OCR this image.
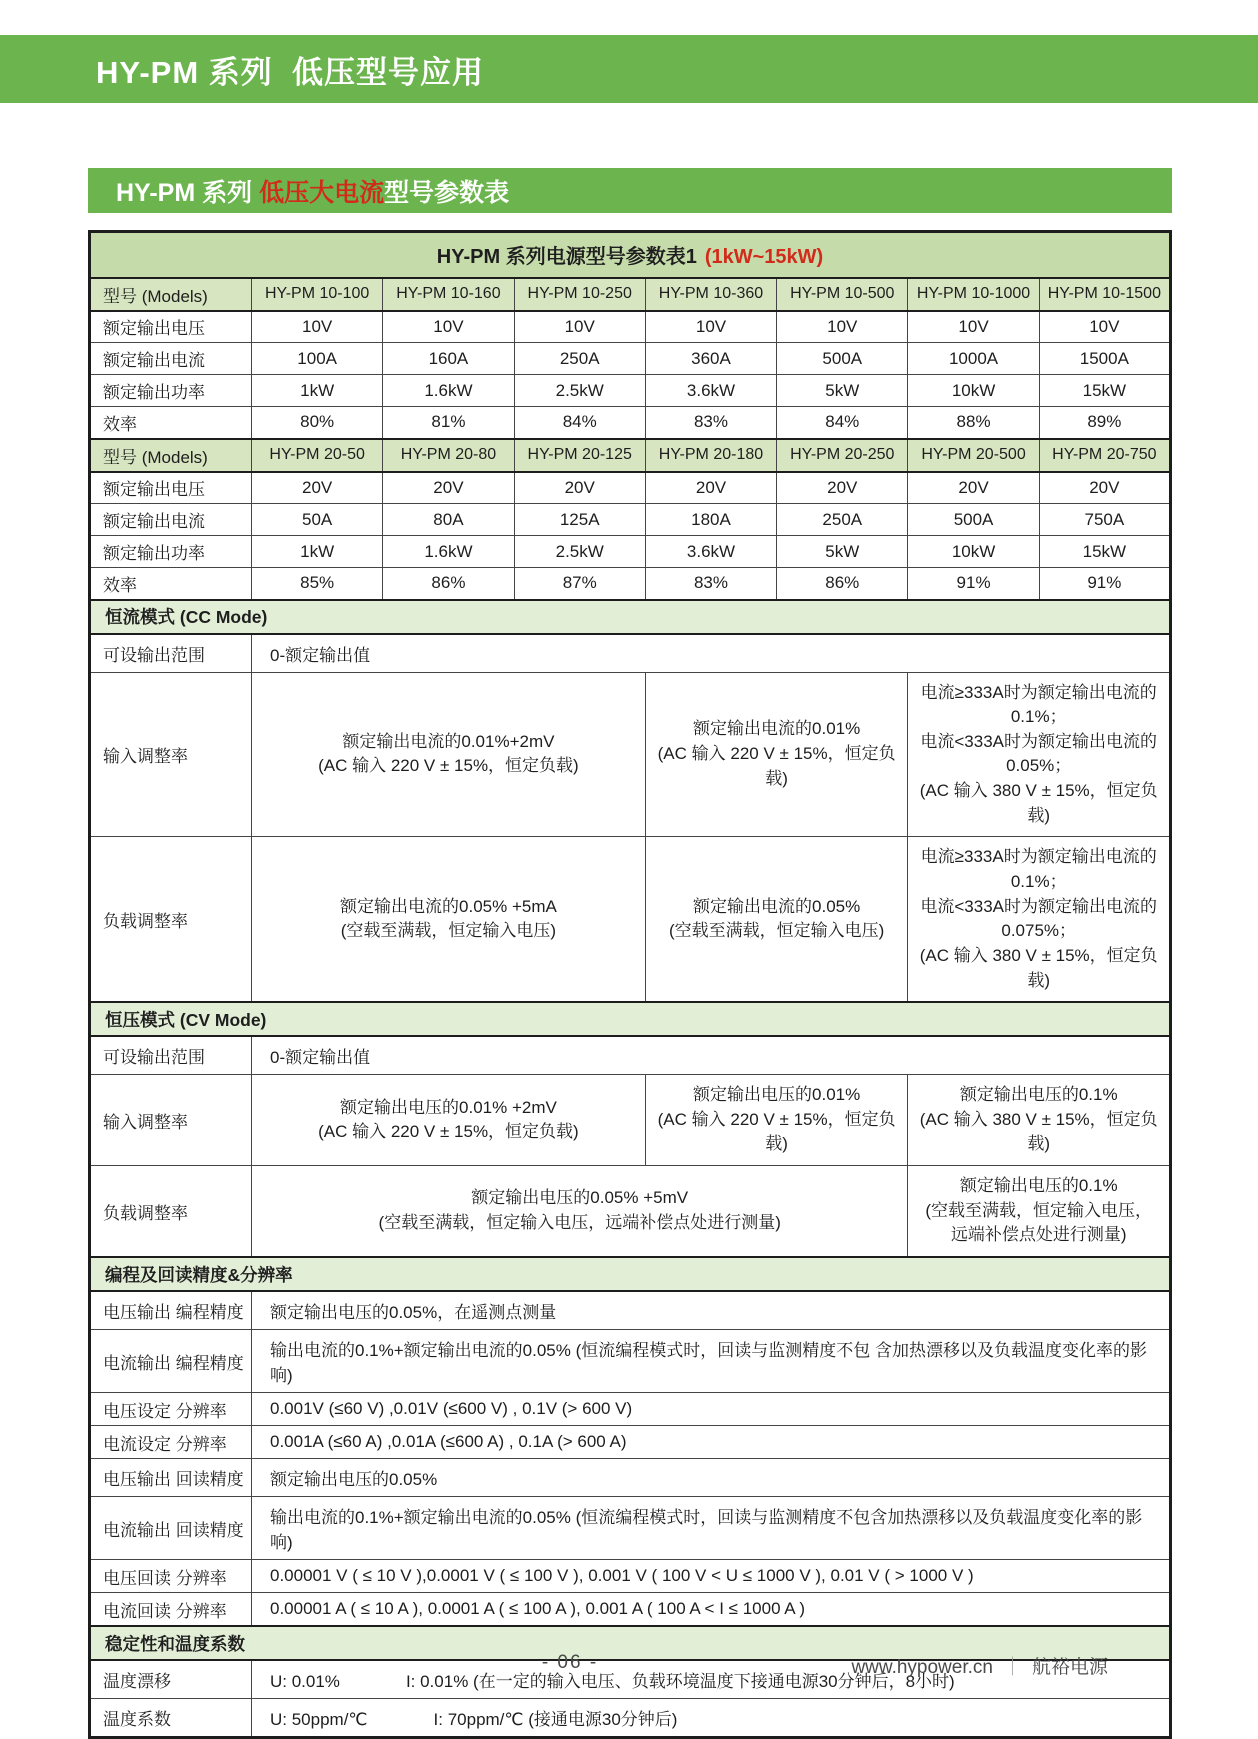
HY-PM 系列  低压型号应用
HY-PM 系列 低压大电流 型号参数表
HY-PM 系列电源型号参数表1 (1kW~15kW)							
型号 (Models)	HY-PM 10-100	HY-PM 10-160	HY-PM 10-250	HY-PM 10-360	HY-PM 10-500	HY-PM 10-1000	HY-PM 10-1500
额定输出电压	10V	10V	10V	10V	10V	10V	10V
额定输出电流	100A	160A	250A	360A	500A	1000A	1500A
额定输出功率	1kW	1.6kW	2.5kW	3.6kW	5kW	10kW	15kW
效率	80%	81%	84%	83%	84%	88%	89%
型号 (Models)	HY-PM 20-50	HY-PM 20-80	HY-PM 20-125	HY-PM 20-180	HY-PM 20-250	HY-PM 20-500	HY-PM 20-750
额定输出电压	20V	20V	20V	20V	20V	20V	20V
额定输出电流	50A	80A	125A	180A	250A	500A	750A
额定输出功率	1kW	1.6kW	2.5kW	3.6kW	5kW	10kW	15kW
效率	85%	86%	87%	83%	86%	91%	91%
恒流模式 (CC Mode)							
可设输出范围	0-额定输出值						
输入调整率	
额定输出电流的0.01%+2mV
(AC 输入 220 V ± 15%，恒定负载)

额定输出电流的0.01%
(AC 输入 220 V ± 15%，恒定负载)

电流≥333A时为额定输出电流的0.1%；
电流<333A时为额定输出电流的0.05%；
(AC 输入 380 V ± 15%，恒定负载)

负载调整率	
额定输出电流的0.05% +5mA
(空载至满载，恒定输入电压)

额定输出电流的0.05%
(空载至满载，恒定输入电压)

电流≥333A时为额定输出电流的0.1%；
电流<333A时为额定输出电流的0.075%；
(AC 输入 380 V ± 15%，恒定负载)

恒压模式 (CV Mode)							
可设输出范围	0-额定输出值						
输入调整率	
额定输出电压的0.01% +2mV
(AC 输入 220 V ± 15%，恒定负载)

额定输出电压的0.01%
(AC 输入 220 V ± 15%，恒定负载)

额定输出电压的0.1%
(AC 输入 380 V ± 15%，恒定负载)

负载调整率	
额定输出电压的0.05% +5mV
(空载至满载，恒定输入电压，远端补偿点处进行测量)

额定输出电压的0.1%
(空载至满载，恒定输入电压，
远端补偿点处进行测量)

编程及回读精度&分辨率							
电压输出 编程精度	额定输出电压的0.05%，在遥测点测量						
电流输出 编程精度	输出电流的0.1%+额定输出电流的0.05% (恒流编程模式时，回读与监测精度不包 含加热漂移以及负载温度变化率的影响)						
电压设定 分辨率	0.001V (≤60 V) ,0.01V (≤600 V) , 0.1V (> 600 V)						
电流设定 分辨率	0.001A (≤60 A) ,0.01A (≤600 A) , 0.1A (> 600 A)						
电压输出 回读精度	额定输出电压的0.05%						
电流输出 回读精度	输出电流的0.1%+额定输出电流的0.05% (恒流编程模式时，回读与监测精度不包含加热漂移以及负载温度变化率的影响)						
电压回读 分辨率	0.00001 V ( ≤ 10 V ),0.0001 V ( ≤ 100 V ), 0.001 V ( 100 V < U ≤ 1000 V ), 0.01 V ( > 1000 V )						
电流回读 分辨率	0.00001 A ( ≤ 10 A ), 0.0001 A ( ≤ 100 A ), 0.001 A ( 100 A < I ≤ 1000 A )						
稳定性和温度系数							
温度漂移	U: 0.01% I: 0.01% (在一定的输入电压、负载环境温度下接通电源30分钟后，8小时)						
温度系数	U: 50ppm/℃ I: 70ppm/℃ (接通电源30分钟后)						
- 06 -	www.hypower.cn ｜ 航裕电源
